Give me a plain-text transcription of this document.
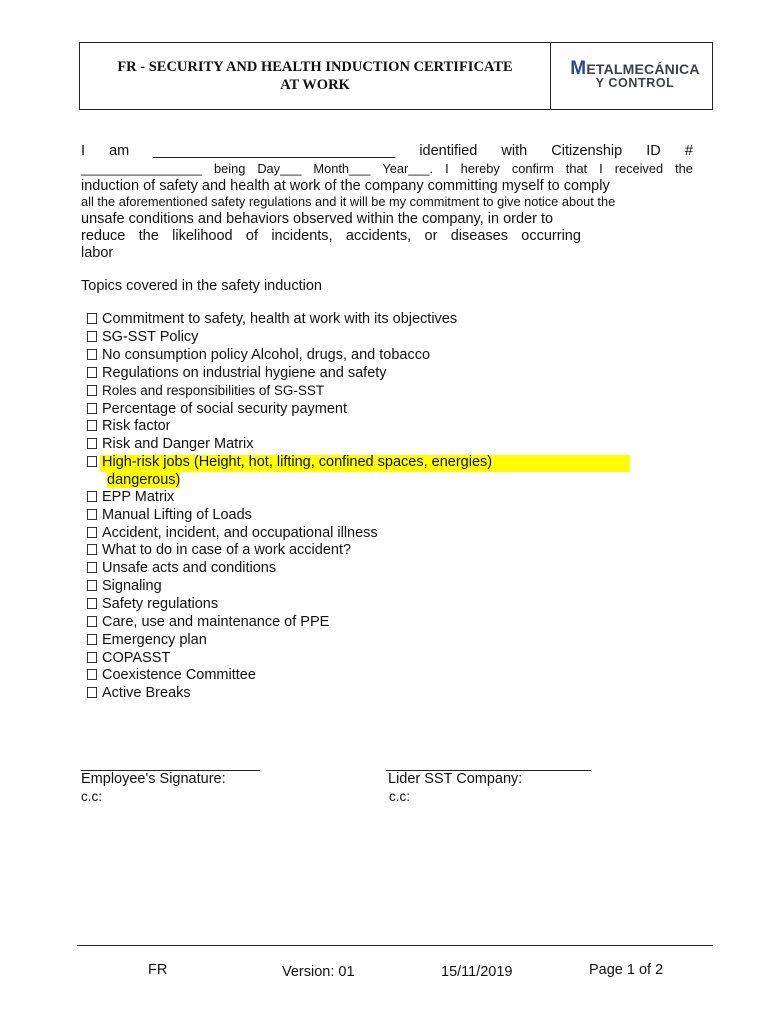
FR - SECURITY AND HEALTH INDUCTION CERTIFICATE
AT WORK
METALMECÁNICA
Y CONTROL
I am ______________________________ identified with Citizenship ID #
_________________ being Day___ Month___ Year___. I hereby confirm that I received the
induction of safety and health at work of the company committing myself to comply
all the aforementioned safety regulations and it will be my commitment to give notice about the
unsafe conditions and behaviors observed within the company, in order to
reduce the likelihood of incidents, accidents, or diseases occurring
labor
Topics covered in the safety induction
Commitment to safety, health at work with its objectives
SG-SST Policy
No consumption policy Alcohol, drugs, and tobacco
Regulations on industrial hygiene and safety
Roles and responsibilities of SG-SST
Percentage of social security payment
Risk factor
Risk and Danger Matrix
High-risk jobs (Height, hot, lifting, confined spaces, energies)
dangerous)
EPP Matrix
Manual Lifting of Loads
Accident, incident, and occupational illness
What to do in case of a work accident?
Unsafe acts and conditions
Signaling
Safety regulations
Care, use and maintenance of PPE
Emergency plan
COPASST
Coexistence Committee
Active Breaks
Employee's Signature:
c.c:
Lider SST Company:
c.c:
FR	Version: 01	15/11/2019	Page 1 of 2
